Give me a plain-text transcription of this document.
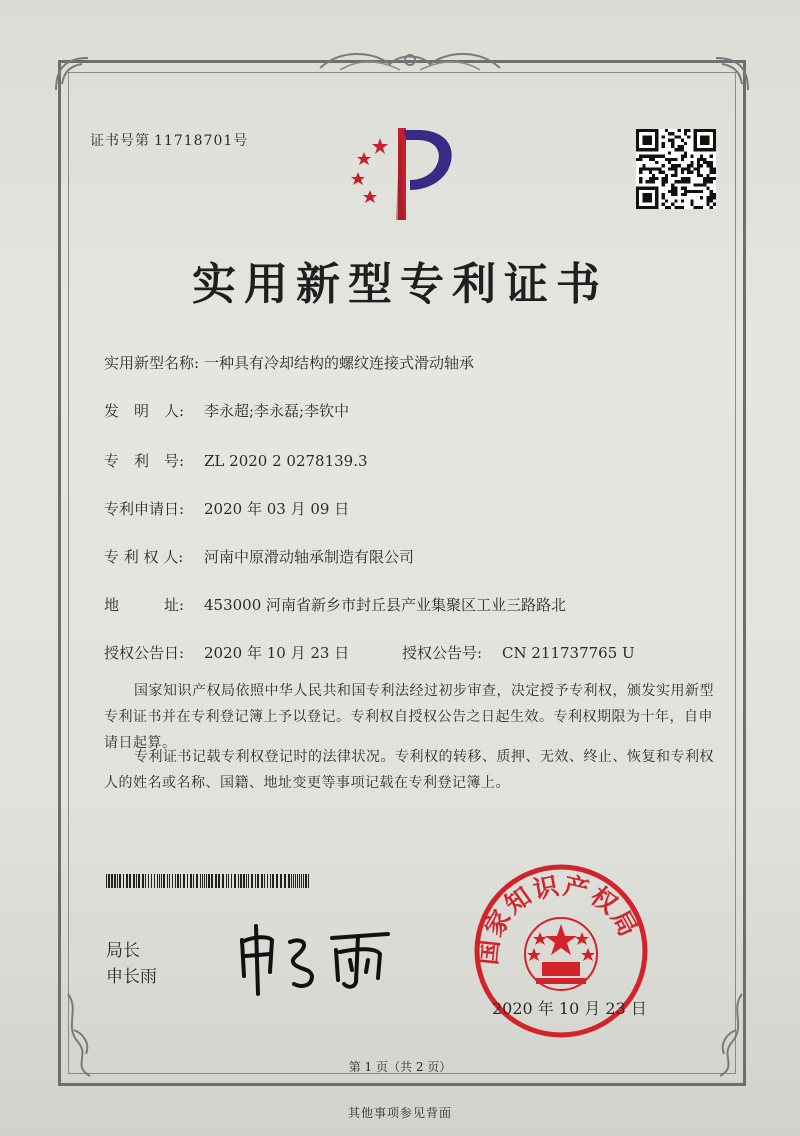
证书号第 11718701号
实用新型专利证书
实用新型名称: 一种具有冷却结构的螺纹连接式滑动轴承
发　明　人: 李永超;李永磊;李钦中
专　利　号: ZL 2020 2 0278139.3
专利申请日: 2020 年 03 月 09 日
专 利 权 人: 河南中原滑动轴承制造有限公司
地　　　址: 453000 河南省新乡市封丘县产业集聚区工业三路路北
授权公告日: 2020 年 10 月 23 日	授权公告号: CN 211737765 U
国家知识产权局依照中华人民共和国专利法经过初步审查，决定授予专利权，颁发实用新型专利证书并在专利登记簿上予以登记。专利权自授权公告之日起生效。专利权期限为十年，自申请日起算。
专利证书记载专利权登记时的法律状况。专利权的转移、质押、无效、终止、恢复和专利权人的姓名或名称、国籍、地址变更等事项记载在专利登记簿上。
局长
申长雨
国家知识产权局
2020 年 10 月 23 日
第 1 页（共 2 页）
其他事项参见背面
